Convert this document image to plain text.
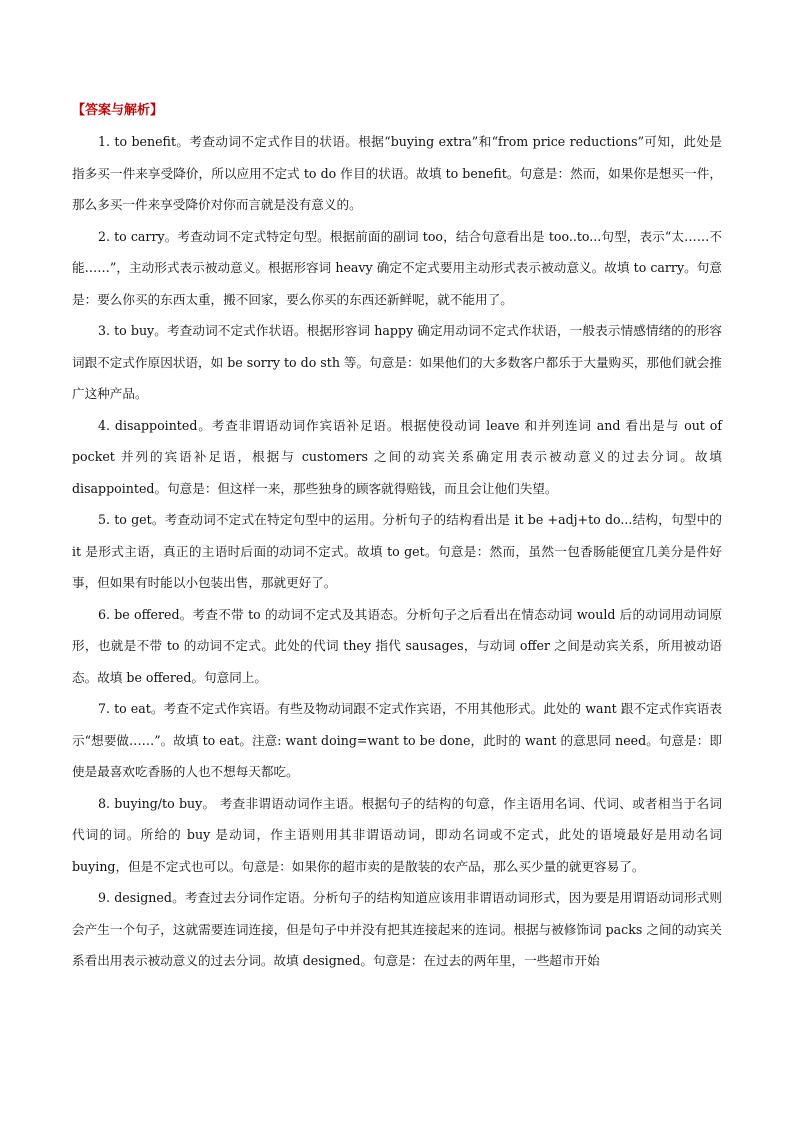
【答案与解析】

1. to benefit。考查动词不定式作目的状语。根据“buying extra”和“from price reductions”可知，此处是指多买一件来享受降价，所以应用不定式 to do 作目的状语。故填 to benefit。句意是：然而，如果你是想买一件，那么多买一件来享受降价对你而言就是没有意义的。

2. to carry。考查动词不定式特定句型。根据前面的副词 too，结合句意看出是 too..to...句型，表示“太……不能……”，主动形式表示被动意义。根据形容词 heavy 确定不定式要用主动形式表示被动意义。故填 to carry。句意是：要么你买的东西太重，搬不回家，要么你买的东西还新鲜呢，就不能用了。

3. to buy。考查动词不定式作状语。根据形容词 happy 确定用动词不定式作状语，一般表示情感情绪的的形容词跟不定式作原因状语，如 be sorry to do sth 等。句意是：如果他们的大多数客户都乐于大量购买，那他们就会推广这种产品。

4. disappointed。考查非谓语动词作宾语补足语。根据使役动词 leave 和并列连词 and 看出是与 out of pocket 并列的宾语补足语，根据与 customers 之间的动宾关系确定用表示被动意义的过去分词。故填 disappointed。句意是：但这样一来，那些独身的顾客就得赔钱，而且会让他们失望。

5. to get。考查动词不定式在特定句型中的运用。分析句子的结构看出是 it be +adj+to do...结构，句型中的 it 是形式主语，真正的主语时后面的动词不定式。故填 to get。句意是：然而，虽然一包香肠能便宜几美分是件好事，但如果有时能以小包装出售，那就更好了。

6. be offered。考查不带 to 的动词不定式及其语态。分析句子之后看出在情态动词 would 后的动词用动词原形，也就是不带 to 的动词不定式。此处的代词 they 指代 sausages，与动词 offer 之间是动宾关系，所用被动语态。故填 be offered。句意同上。

7. to eat。考查不定式作宾语。有些及物动词跟不定式作宾语，不用其他形式。此处的 want 跟不定式作宾语表示“想要做……”。故填 to eat。注意: want doing=want to be done，此时的 want 的意思同 need。句意是：即使是最喜欢吃香肠的人也不想每天都吃。

8. buying/to buy。 考查非谓语动词作主语。根据句子的结构的句意，作主语用名词、代词、或者相当于名词代词的词。所给的 buy 是动词，作主语则用其非谓语动词，即动名词或不定式，此处的语境最好是用动名词 buying，但是不定式也可以。句意是：如果你的超市卖的是散装的农产品，那么买少量的就更容易了。

9. designed。考查过去分词作定语。分析句子的结构知道应该用非谓语动词形式，因为要是用谓语动词形式则会产生一个句子，这就需要连词连接，但是句子中并没有把其连接起来的连词。根据与被修饰词 packs 之间的动宾关系看出用表示被动意义的过去分词。故填 designed。句意是：在过去的两年里，一些超市开始
